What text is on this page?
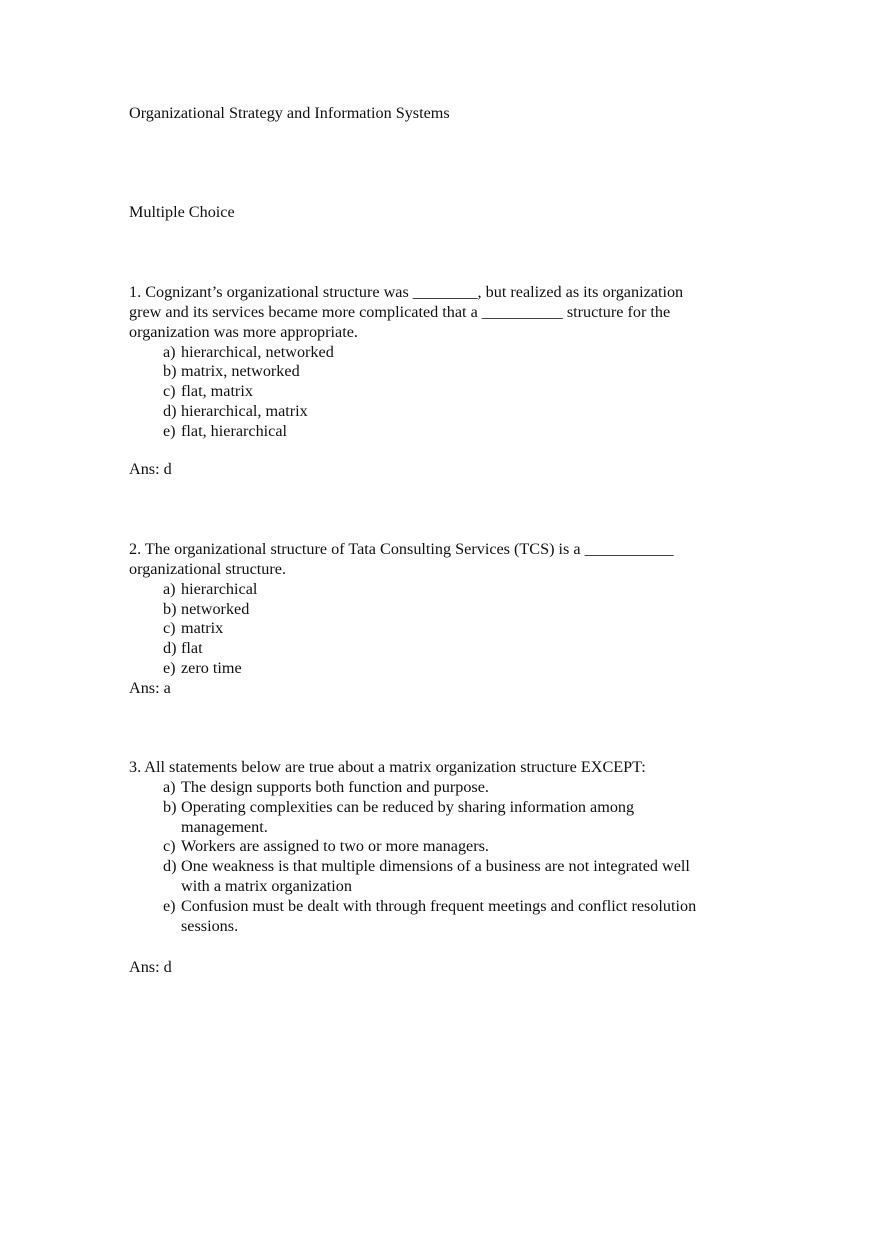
Organizational Strategy and Information Systems
Multiple Choice
1. Cognizant’s organizational structure was ________, but realized as its organization
grew and its services became more complicated that a __________ structure for the
organization was more appropriate.
a) hierarchical, networked
b) matrix, networked
c) flat, matrix
d) hierarchical, matrix
e) flat, hierarchical
Ans: d
2. The organizational structure of Tata Consulting Services (TCS) is a ___________
organizational structure.
a) hierarchical
b) networked
c) matrix
d) flat
e) zero time
Ans: a
3. All statements below are true about a matrix organization structure EXCEPT:
a) The design supports both function and purpose.
b) Operating complexities can be reduced by sharing information among
management.
c) Workers are assigned to two or more managers.
d) One weakness is that multiple dimensions of a business are not integrated well
with a matrix organization
e) Confusion must be dealt with through frequent meetings and conflict resolution
sessions.
Ans: d
